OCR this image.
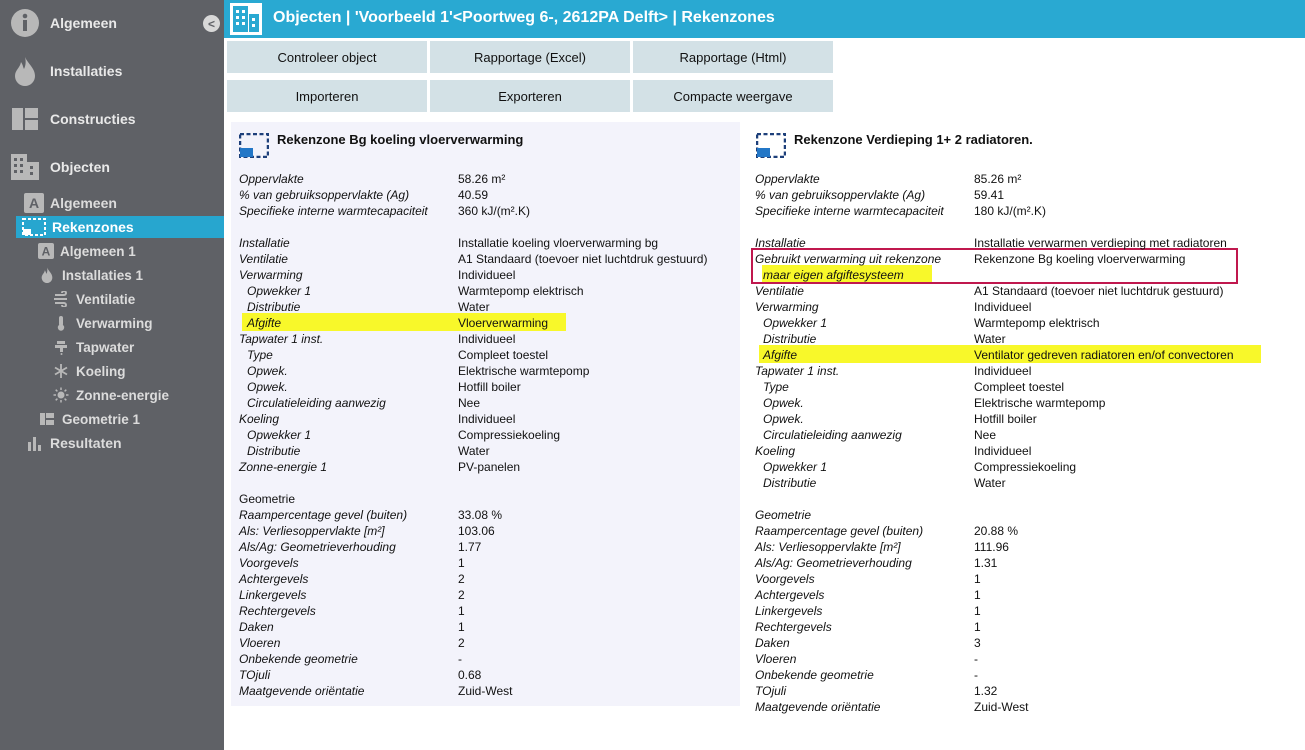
Algemeen	<
Installaties
Constructies
Objecten
A Algemeen
Rekenzones
A Algemeen 1
Installaties 1
Ventilatie
Verwarming
Tapwater
Koeling
Zonne-energie
Geometrie 1
Resultaten
Objecten | 'Voorbeeld 1'<Poortweg 6-, 2612PA Delft> | Rekenzones
Controleer object	Rapportage (Excel)	Rapportage (Html)
Importeren	Exporteren	Compacte weergave
Rekenzone Bg koeling vloerverwarming
Oppervlakte	58.26 m²
% van gebruiksoppervlakte (Ag)	40.59
Specifieke interne warmtecapaciteit	360 kJ/(m².K)
Installatie	Installatie koeling vloerverwarming bg
Ventilatie	A1 Standaard (toevoer niet luchtdruk gestuurd)
Verwarming	Individueel
Opwekker 1	Warmtepomp elektrisch
Distributie	Water
Afgifte	Vloerverwarming
Tapwater 1 inst.	Individueel
Type	Compleet toestel
Opwek.	Elektrische warmtepomp
Opwek.	Hotfill boiler
Circulatieleiding aanwezig	Nee
Koeling	Individueel
Opwekker 1	Compressiekoeling
Distributie	Water
Zonne-energie 1	PV-panelen
Geometrie
Raampercentage gevel (buiten)	33.08 %
Als: Verliesoppervlakte [m²]	103.06
Als/Ag: Geometrieverhouding	1.77
Voorgevels	1
Achtergevels	2
Linkergevels	2
Rechtergevels	1
Daken	1
Vloeren	2
Onbekende geometrie	-
TOjuli	0.68
Maatgevende oriëntatie	Zuid-West
Rekenzone Verdieping 1+ 2 radiatoren.
Oppervlakte	85.26 m²
% van gebruiksoppervlakte (Ag)	59.41
Specifieke interne warmtecapaciteit	180 kJ/(m².K)
Installatie	Installatie verwarmen verdieping met radiatoren
Gebruikt verwarming uit rekenzone	Rekenzone Bg koeling vloerverwarming
maar eigen afgiftesysteem
Ventilatie	A1 Standaard (toevoer niet luchtdruk gestuurd)
Verwarming	Individueel
Opwekker 1	Warmtepomp elektrisch
Distributie	Water
Afgifte	Ventilator gedreven radiatoren en/of convectoren
Tapwater 1 inst.	Individueel
Type	Compleet toestel
Opwek.	Elektrische warmtepomp
Opwek.	Hotfill boiler
Circulatieleiding aanwezig	Nee
Koeling	Individueel
Opwekker 1	Compressiekoeling
Distributie	Water
Geometrie
Raampercentage gevel (buiten)	20.88 %
Als: Verliesoppervlakte [m²]	111.96
Als/Ag: Geometrieverhouding	1.31
Voorgevels	1
Achtergevels	1
Linkergevels	1
Rechtergevels	1
Daken	3
Vloeren	-
Onbekende geometrie	-
TOjuli	1.32
Maatgevende oriëntatie	Zuid-West
